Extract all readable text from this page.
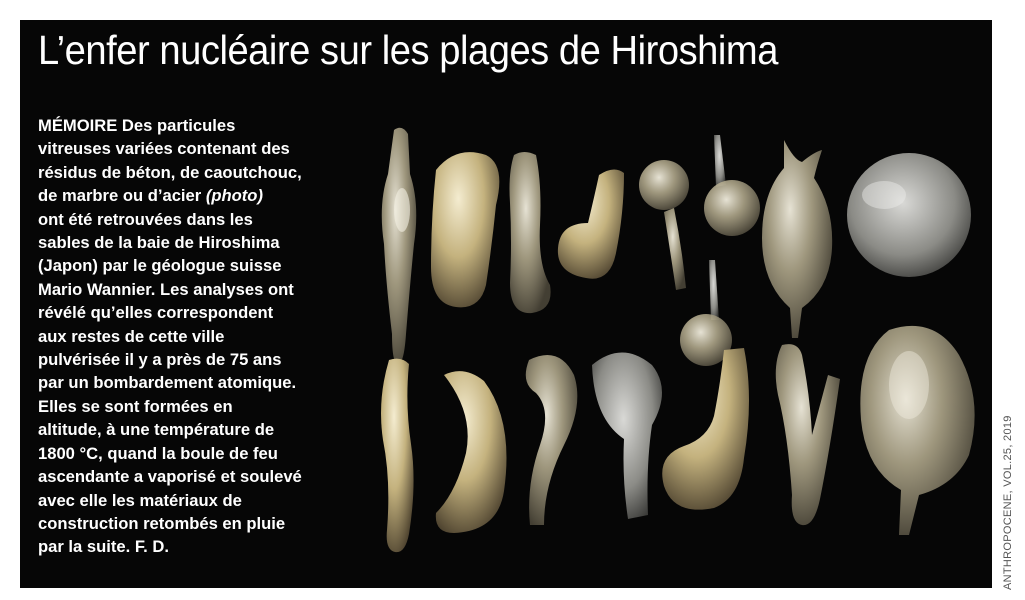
L’enfer nucléaire sur les plages de Hiroshima

MÉMOIRE Des particules
vitreuses variées contenant des
résidus de béton, de caoutchouc,
de marbre ou d’acier (photo)
ont été retrouvées dans les
sables de la baie de Hiroshima
(Japon) par le géologue suisse
Mario Wannier. Les analyses ont
révélé qu’elles correspondent
aux restes de cette ville
pulvérisée il y a près de 75 ans
par un bombardement atomique.
Elles se sont formées en
altitude, à une température de
1800 °C, quand la boule de feu
ascendante a vaporisé et soulevé
avec elle les matériaux de
construction retombés en pluie
par la suite. F. D.	ANTHROPOCENE, VOL.25, 2019
